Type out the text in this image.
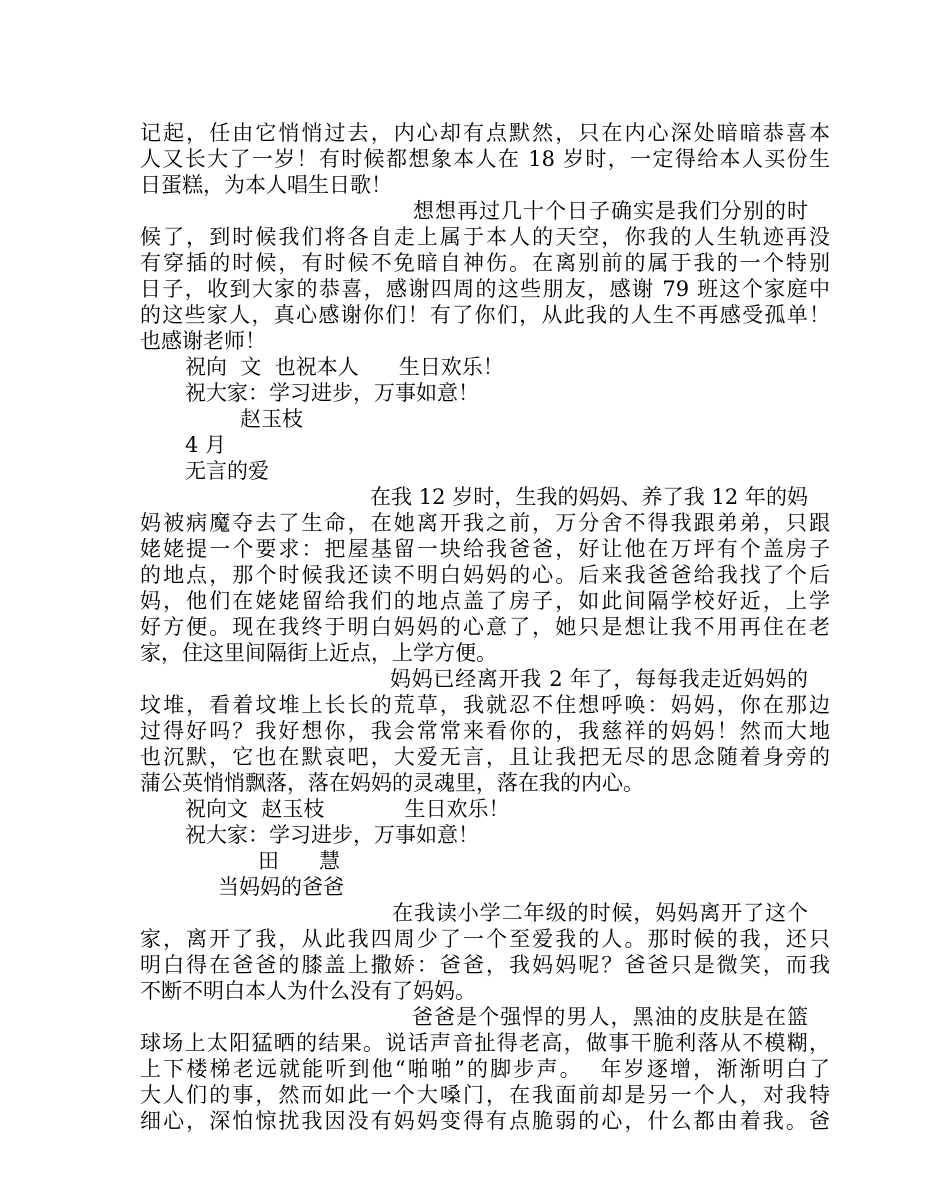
记起，任由它悄悄过去，内心却有点默然，只在内心深处暗暗恭喜本

人又长大了一岁！有时候都想象本人在 18 岁时，一定得给本人买份生

日蛋糕，为本人唱生日歌！

想想再过几十个日子确实是我们分别的时

候了，到时候我们将各自走上属于本人的天空，你我的人生轨迹再没

有穿插的时候，有时候不免暗自神伤。在离别前的属于我的一个特别

日子，收到大家的恭喜，感谢四周的这些朋友，感谢 79 班这个家庭中

的这些家人，真心感谢你们！有了你们，从此我的人生不再感受孤单！

也感谢老师！

祝向  文  也祝本人      生日欢乐！

祝大家：学习进步，万事如意！

赵玉枝

4 月

无言的爱

在我 12 岁时，生我的妈妈、养了我 12 年的妈

妈被病魔夺去了生命，在她离开我之前，万分舍不得我跟弟弟，只跟

姥姥提一个要求：把屋基留一块给我爸爸，好让他在万坪有个盖房子

的地点，那个时候我还读不明白妈妈的心。后来我爸爸给我找了个后

妈，他们在姥姥留给我们的地点盖了房子，如此间隔学校好近，上学

好方便。现在我终于明白妈妈的心意了，她只是想让我不用再住在老

家，住这里间隔街上近点，上学方便。

妈妈已经离开我 2 年了，每每我走近妈妈的

坟堆，看着坟堆上长长的荒草，我就忍不住想呼唤：妈妈，你在那边

过得好吗？我好想你，我会常常来看你的，我慈祥的妈妈！然而大地

也沉默，它也在默哀吧，大爱无言，且让我把无尽的思念随着身旁的

蒲公英悄悄飘落，落在妈妈的灵魂里，落在我的内心。

祝向文  赵玉枝            生日欢乐！

祝大家：学习进步，万事如意！

田      慧

当妈妈的爸爸

在我读小学二年级的时候，妈妈离开了这个

家，离开了我，从此我四周少了一个至爱我的人。那时候的我，还只

明白得在爸爸的膝盖上撒娇：爸爸，我妈妈呢？爸爸只是微笑，而我

不断不明白本人为什么没有了妈妈。

爸爸是个强悍的男人，黑油的皮肤是在篮

球场上太阳猛晒的结果。说话声音扯得老高，做事干脆利落从不模糊，

上下楼梯老远就能听到他“啪啪”的脚步声。  年岁逐增，渐渐明白了

大人们的事，然而如此一个大嗓门，在我面前却是另一个人，对我特

细心，深怕惊扰我因没有妈妈变得有点脆弱的心，什么都由着我。爸
